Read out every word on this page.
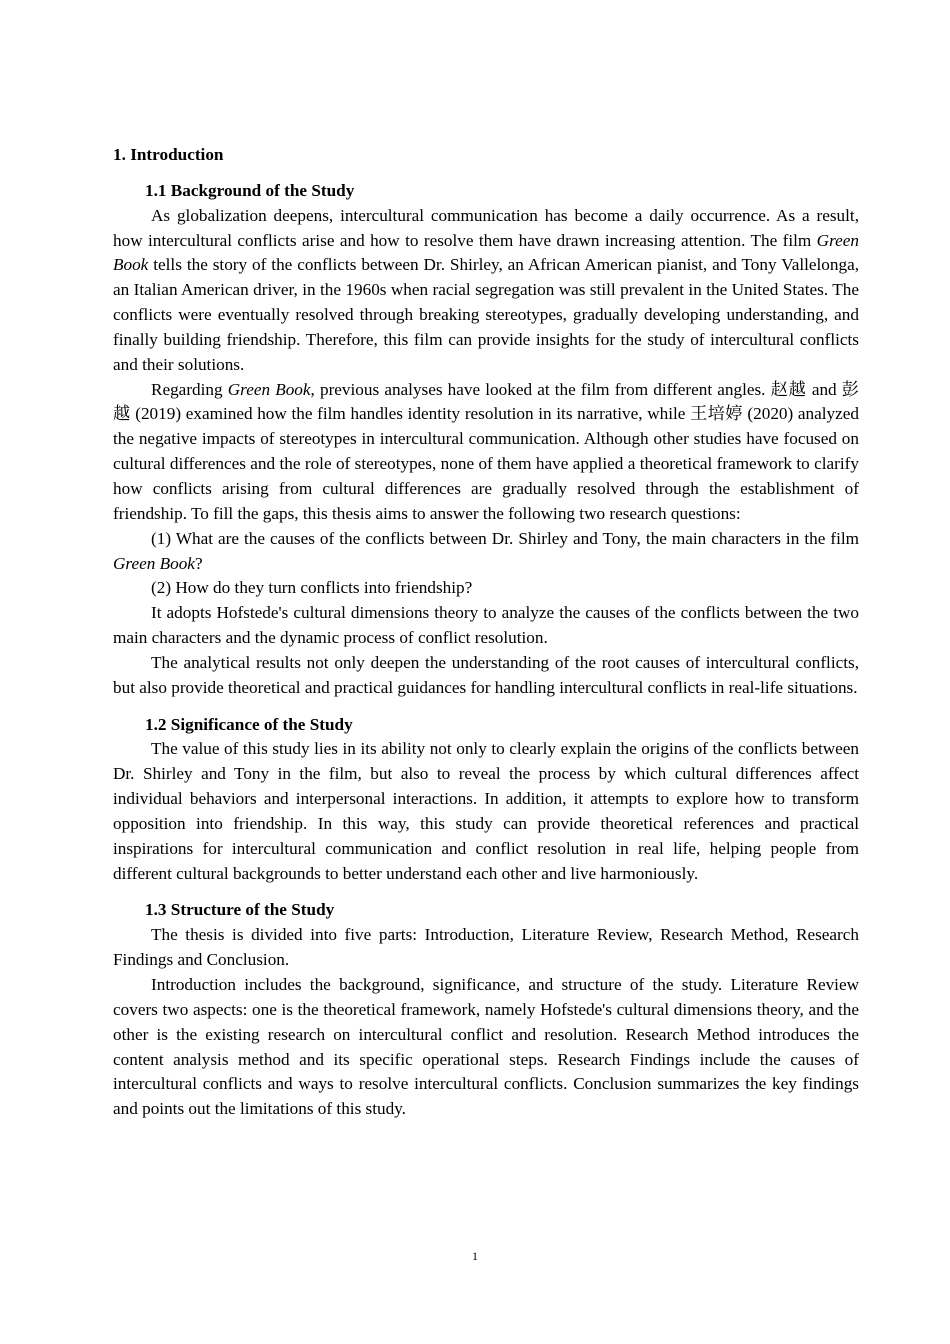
1. Introduction
1.1 Background of the Study

As globalization deepens, intercultural communication has become a daily occurrence. As a result, how intercultural conflicts arise and how to resolve them have drawn increasing attention. The film Green Book tells the story of the conflicts between Dr. Shirley, an African American pianist, and Tony Vallelonga, an Italian American driver, in the 1960s when racial segregation was still prevalent in the United States. The conflicts were eventually resolved through breaking stereotypes, gradually developing understanding, and finally building friendship. Therefore, this film can provide insights for the study of intercultural conflicts and their solutions.

Regarding Green Book, previous analyses have looked at the film from different angles. 赵越 and 彭越 (2019) examined how the film handles identity resolution in its narrative, while 王培婷 (2020) analyzed the negative impacts of stereotypes in intercultural communication. Although other studies have focused on cultural differences and the role of stereotypes, none of them have applied a theoretical framework to clarify how conflicts arising from cultural differences are gradually resolved through the establishment of friendship. To fill the gaps, this thesis aims to answer the following two research questions:

(1) What are the causes of the conflicts between Dr. Shirley and Tony, the main characters in the film Green Book?

(2) How do they turn conflicts into friendship?

It adopts Hofstede's cultural dimensions theory to analyze the causes of the conflicts between the two main characters and the dynamic process of conflict resolution.

The analytical results not only deepen the understanding of the root causes of intercultural conflicts, but also provide theoretical and practical guidances for handling intercultural conflicts in real-life situations.

1.2 Significance of the Study

The value of this study lies in its ability not only to clearly explain the origins of the conflicts between Dr. Shirley and Tony in the film, but also to reveal the process by which cultural differences affect individual behaviors and interpersonal interactions. In addition, it attempts to explore how to transform opposition into friendship. In this way, this study can provide theoretical references and practical inspirations for intercultural communication and conflict resolution in real life, helping people from different cultural backgrounds to better understand each other and live harmoniously.

1.3 Structure of the Study

The thesis is divided into five parts: Introduction, Literature Review, Research Method, Research Findings and Conclusion.

Introduction includes the background, significance, and structure of the study. Literature Review covers two aspects: one is the theoretical framework, namely Hofstede's cultural dimensions theory, and the other is the existing research on intercultural conflict and resolution. Research Method introduces the content analysis method and its specific operational steps. Research Findings include the causes of intercultural conflicts and ways to resolve intercultural conflicts. Conclusion summarizes the key findings and points out the limitations of this study.

1
